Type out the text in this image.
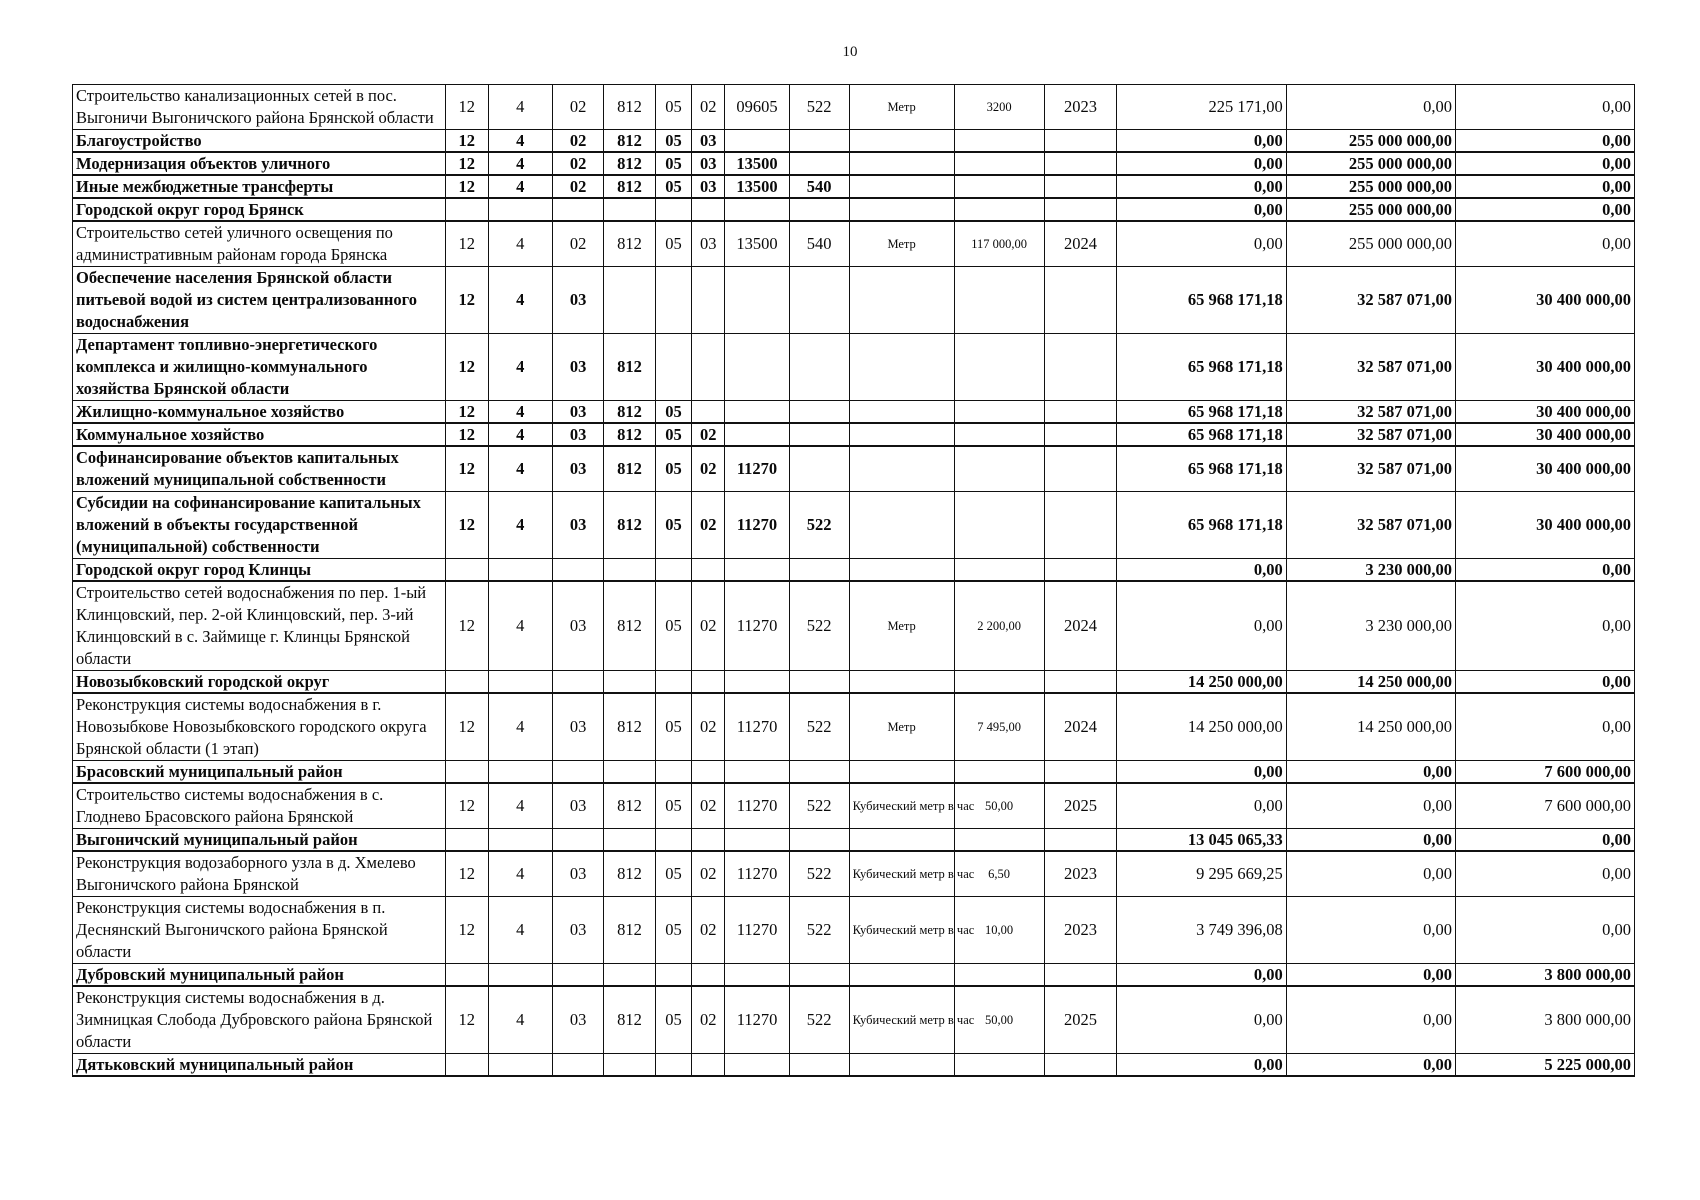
10
Строительство канализационных сетей в пос. Выгоничи Выгоничского района Брянской области	12	4	02	812	05	02	09605	522	Метр	3200	2023	225 171,00	0,00	0,00
Благоустройство	12	4	02	812	05	03						0,00	255 000 000,00	0,00
Модернизация объектов уличного	12	4	02	812	05	03	13500					0,00	255 000 000,00	0,00
Иные межбюджетные трансферты	12	4	02	812	05	03	13500	540				0,00	255 000 000,00	0,00
Городской округ город Брянск												0,00	255 000 000,00	0,00
Строительство сетей уличного освещения по административным районам города Брянска	12	4	02	812	05	03	13500	540	Метр	117 000,00	2024	0,00	255 000 000,00	0,00
Обеспечение населения Брянской области питьевой водой из систем централизованного водоснабжения	12	4	03									65 968 171,18	32 587 071,00	30 400 000,00
Департамент топливно-энергетического комплекса и жилищно-коммунального хозяйства Брянской области	12	4	03	812								65 968 171,18	32 587 071,00	30 400 000,00
Жилищно-коммунальное хозяйство	12	4	03	812	05							65 968 171,18	32 587 071,00	30 400 000,00
Коммунальное хозяйство	12	4	03	812	05	02						65 968 171,18	32 587 071,00	30 400 000,00
Софинансирование объектов капитальных вложений муниципальной собственности	12	4	03	812	05	02	11270					65 968 171,18	32 587 071,00	30 400 000,00
Субсидии на софинансирование капитальных вложений в объекты государственной (муниципальной) собственности	12	4	03	812	05	02	11270	522				65 968 171,18	32 587 071,00	30 400 000,00
Городской округ город Клинцы												0,00	3 230 000,00	0,00
Строительство сетей водоснабжения по пер. 1-ый Клинцовский, пер. 2-ой Клинцовский, пер. 3-ий Клинцовский в с. Займище г. Клинцы Брянской области	12	4	03	812	05	02	11270	522	Метр	2 200,00	2024	0,00	3 230 000,00	0,00
Новозыбковский городской округ												14 250 000,00	14 250 000,00	0,00
Реконструкция системы водоснабжения в г. Новозыбкове Новозыбковского городского округа Брянской области (1 этап)	12	4	03	812	05	02	11270	522	Метр	7 495,00	2024	14 250 000,00	14 250 000,00	0,00
Брасовский муниципальный район												0,00	0,00	7 600 000,00
Строительство системы водоснабжения в с. Глоднево Брасовского района Брянской	12	4	03	812	05	02	11270	522	Кубический метр в час	50,00	2025	0,00	0,00	7 600 000,00
Выгоничский муниципальный район												13 045 065,33	0,00	0,00
Реконструкция водозаборного узла в д. Хмелево Выгоничского района Брянской	12	4	03	812	05	02	11270	522	Кубический метр в час	6,50	2023	9 295 669,25	0,00	0,00
Реконструкция системы водоснабжения в п. Деснянский Выгоничского района Брянской области	12	4	03	812	05	02	11270	522	Кубический метр в час	10,00	2023	3 749 396,08	0,00	0,00
Дубровский муниципальный район												0,00	0,00	3 800 000,00
Реконструкция системы водоснабжения в д. Зимницкая Слобода Дубровского района Брянской области	12	4	03	812	05	02	11270	522	Кубический метр в час	50,00	2025	0,00	0,00	3 800 000,00
Дятьковский муниципальный район												0,00	0,00	5 225 000,00
